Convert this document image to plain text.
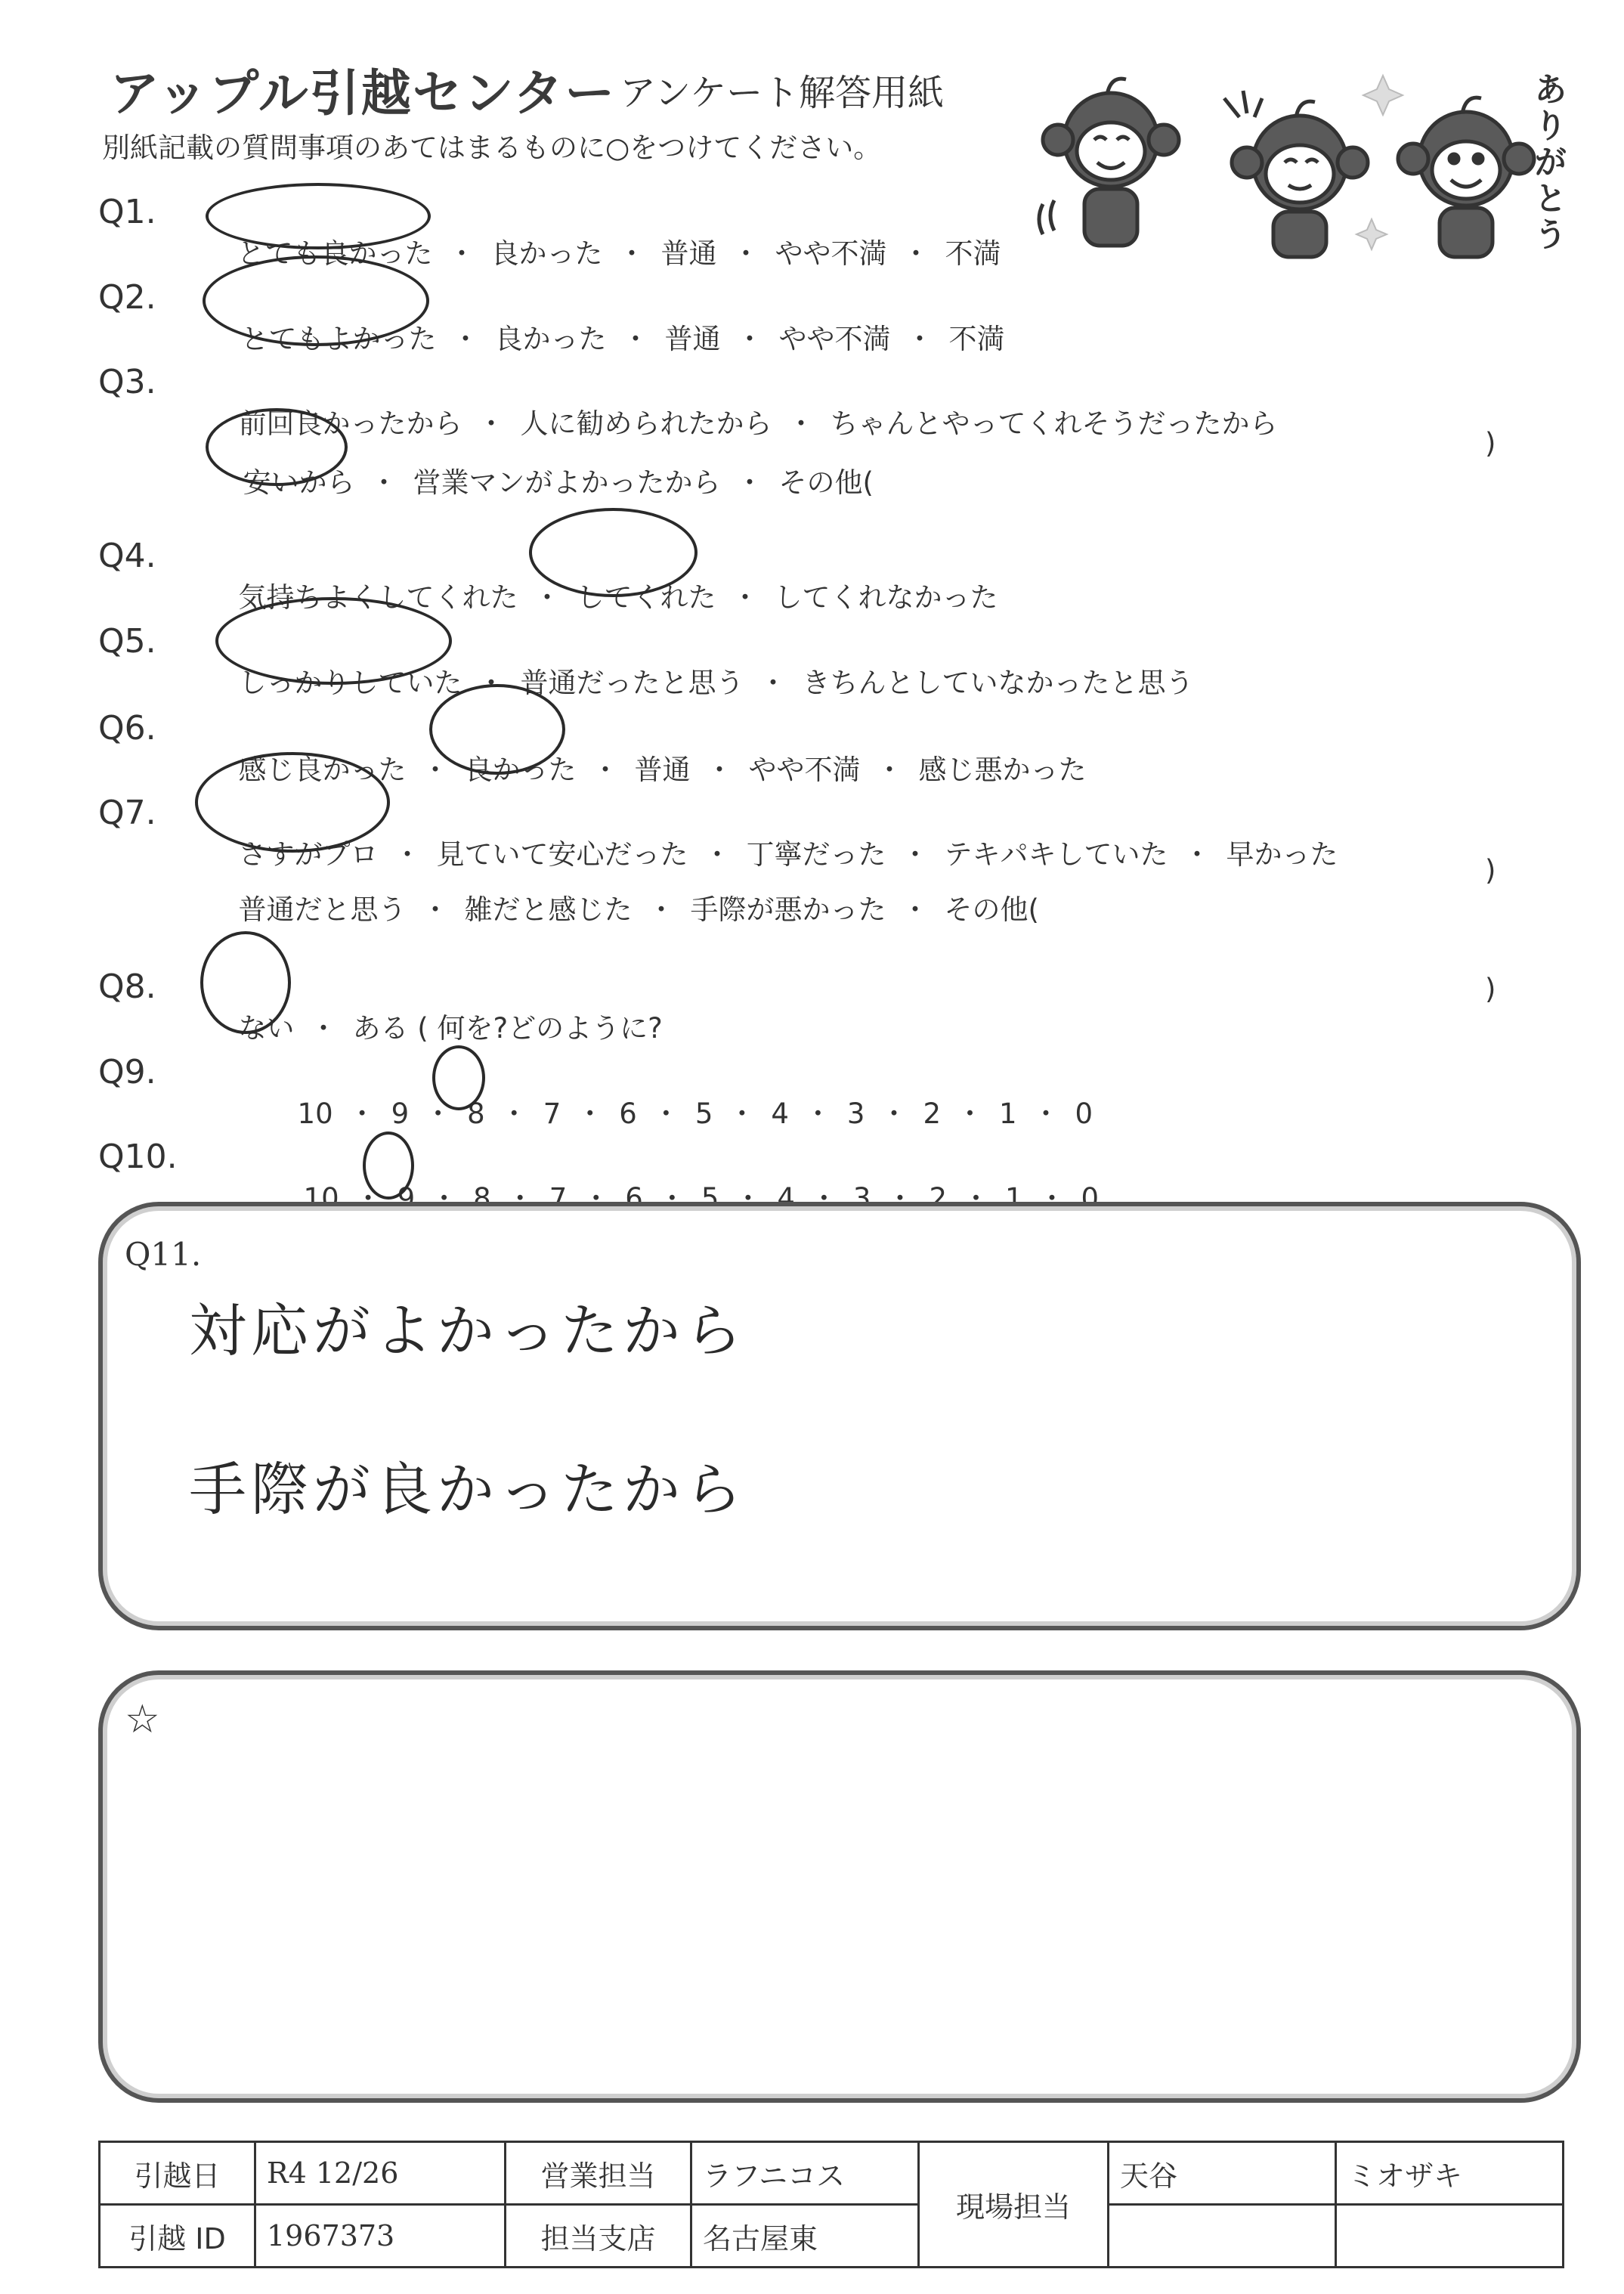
アップル引越センター アンケート解答用紙
別紙記載の質問事項のあてはまるものに○をつけてください。	ありがとう
Q1.

とても良かった ・ 良かった ・ 普通 ・ やや不満 ・ 不満

Q2.

とてもよかった ・ 良かった ・ 普通 ・ やや不満 ・ 不満

Q3.

前回良かったから ・ 人に勧められたから ・ ちゃんとやってくれそうだったから

安いから ・ 営業マンがよかったから ・ その他(

)
Q4.

気持ちよくしてくれた ・ してくれた ・ してくれなかった

Q5.

しっかりしていた ・ 普通だったと思う ・ きちんとしていなかったと思う

Q6.

感じ良かった ・ 良かった ・ 普通 ・ やや不満 ・ 感じ悪かった

Q7.

さすがプロ ・ 見ていて安心だった ・ 丁寧だった ・ テキパキしていた ・ 早かった

普通だと思う ・ 雑だと感じた ・ 手際が悪かった ・ その他(

)
Q8.

ない ・ ある ( 何を?どのように?

)
Q9.

10 ・ 9 ・ 8 ・ 7 ・ 6 ・ 5 ・ 4 ・ 3 ・ 2 ・ 1 ・ 0

Q10.

10 ・ 9 ・ 8 ・ 7 ・ 6 ・ 5 ・ 4 ・ 3 ・ 2 ・ 1 ・ 0

Q11.
対応がよかったから
手際が良かったから
☆
引越日	R4 12/26	営業担当	ラフニコス	現場担当	天谷	ミオザキ
引越 ID	1967373	担当支店	名古屋東			
